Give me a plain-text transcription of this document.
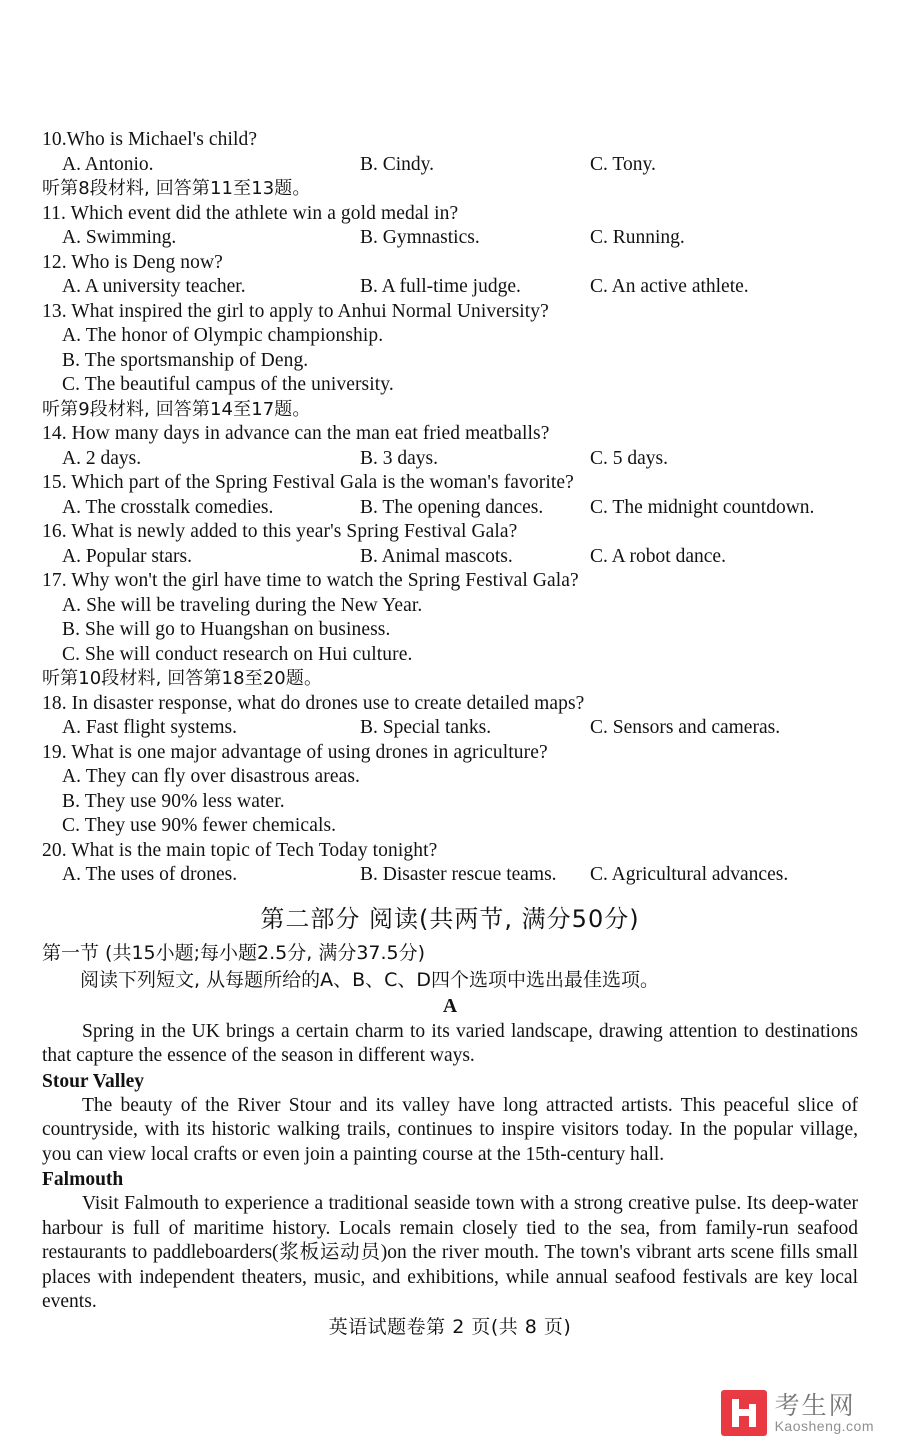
10.Who is Michael's child?

A. Antonio.

	B. Cindy.

	C. Tony.

听第8段材料, 回答第11至13题。
11. Which event did the athlete win a gold medal in?

A. Swimming.

	B. Gymnastics.

	C. Running.

12. Who is Deng now?

A. A university teacher.

	B. A full-time judge.

	C. An active athlete.

13. What inspired the girl to apply to Anhui Normal University?
A. The honor of Olympic championship.
B. The sportsmanship of Deng.
C. The beautiful campus of the university.
听第9段材料, 回答第14至17题。
14. How many days in advance can the man eat fried meatballs?

A. 2 days.

	B. 3 days.

	C. 5 days.

15. Which part of the Spring Festival Gala is the woman's favorite?

A. The crosstalk comedies.

	B. The opening dances.

C. The midnight countdown.

16. What is newly added to this year's Spring Festival Gala?

A. Popular stars.

	B. Animal mascots.

	C. A robot dance.

17. Why won't the girl have time to watch the Spring Festival Gala?
A. She will be traveling during the New Year.
B. She will go to Huangshan on business.
C. She will conduct research on Hui culture.
听第10段材料, 回答第18至20题。
18. In disaster response, what do drones use to create detailed maps?

A. Fast flight systems.

	B. Special tanks.

	C. Sensors and cameras.

19. What is one major advantage of using drones in agriculture?
A. They can fly over disastrous areas.
B. They use 90% less water.
C. They use 90% fewer chemicals.
20. What is the main topic of Tech Today tonight?

A. The uses of drones.

	B. Disaster rescue teams.

C. Agricultural advances.

第二部分 阅读(共两节, 满分50分)
第一节 (共15小题;每小题2.5分, 满分37.5分)
阅读下列短文, 从每题所给的A、B、C、D四个选项中选出最佳选项。
A

Spring in the UK brings a certain charm to its varied landscape, drawing attention to destinations that capture the essence of the season in different ways.

Stour Valley

The beauty of the River Stour and its valley have long attracted artists. This peaceful slice of countryside, with its historic walking trails, continues to inspire visitors today. In the popular village, you can view local crafts or even join a painting course at the 15th-century hall.

Falmouth

Visit Falmouth to experience a traditional seaside town with a strong creative pulse. Its deep-water harbour is full of maritime history. Locals remain closely tied to the sea, from family-run seafood restaurants to paddleboarders(浆板运动员)on the river mouth. The town's vibrant arts scene fills small places with independent theaters, music, and exhibitions, while annual seafood festivals are key local events.

英语试题卷第 2 页(共 8 页)
考生网
Kaosheng.com
